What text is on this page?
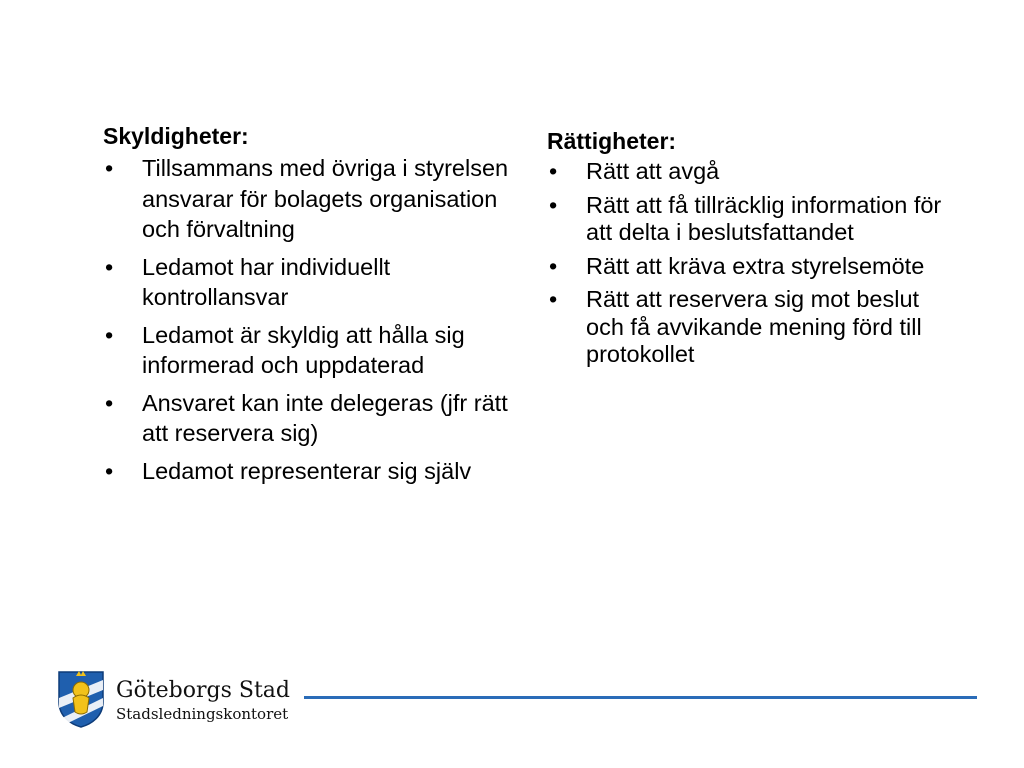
Skyldigheter:
• Tillsammans med övriga i styrelsen ansvarar för bolagets organisation och förvaltning
• Ledamot har individuellt kontrollansvar
• Ledamot är skyldig att hålla sig informerad och uppdaterad
• Ansvaret kan inte delegeras (jfr rätt att reservera sig)
• Ledamot representerar sig själv
Rättigheter:
• Rätt att avgå
• Rätt att få tillräcklig information för att delta i beslutsfattandet
• Rätt att kräva extra styrelsemöte
• Rätt att reservera sig mot beslut och få avvikande mening förd till protokollet
Göteborgs Stad
Stadsledningskontoret
